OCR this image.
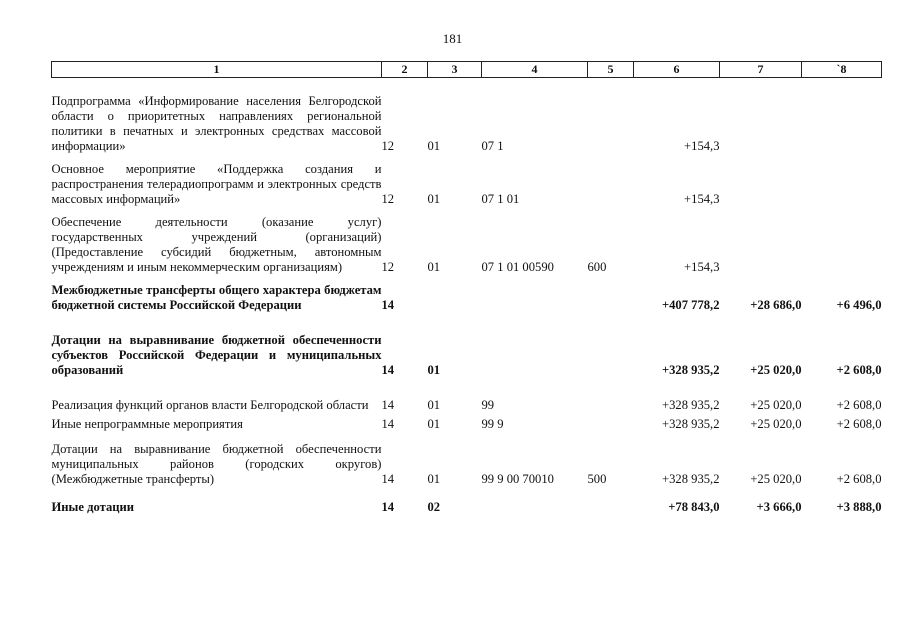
181
1	2	3	4	5	6	7	`8

Подпрограмма «Информирование населения Белгородской области о приоритетных направлениях региональной политики в печатных и электронных средствах массовой информации»	12	01	07 1		+154,3		

Основное мероприятие «Поддержка создания и распространения телерадиопрограмм и электронных средств массовых информаций»	12	01	07 1 01		+154,3		

Обеспечение деятельности (оказание услуг) государственных учреждений (организаций) (Предоставление субсидий бюджетным, автономным учреждениям и иным некоммерческим организациям)	12	01	07 1 01 00590	600	+154,3		

Межбюджетные трансферты общего характера бюджетам бюджетной системы Российской Федерации	14				+407 778,2	+28 686,0	+6 496,0

Дотации на выравнивание бюджетной обеспеченности субъектов Российской Федерации и муниципальных образований	14	01			+328 935,2	+25 020,0	+2 608,0

Реализация функций органов власти Белгородской области	14	01	99		+328 935,2	+25 020,0	+2 608,0

Иные непрограммные мероприятия	14	01	99 9		+328 935,2	+25 020,0	+2 608,0

Дотации на выравнивание бюджетной обеспеченности муниципальных районов (городских округов) (Межбюджетные трансферты)	14	01	99 9 00 70010	500	+328 935,2	+25 020,0	+2 608,0

Иные дотации	14	02			+78 843,0	+3 666,0	+3 888,0
